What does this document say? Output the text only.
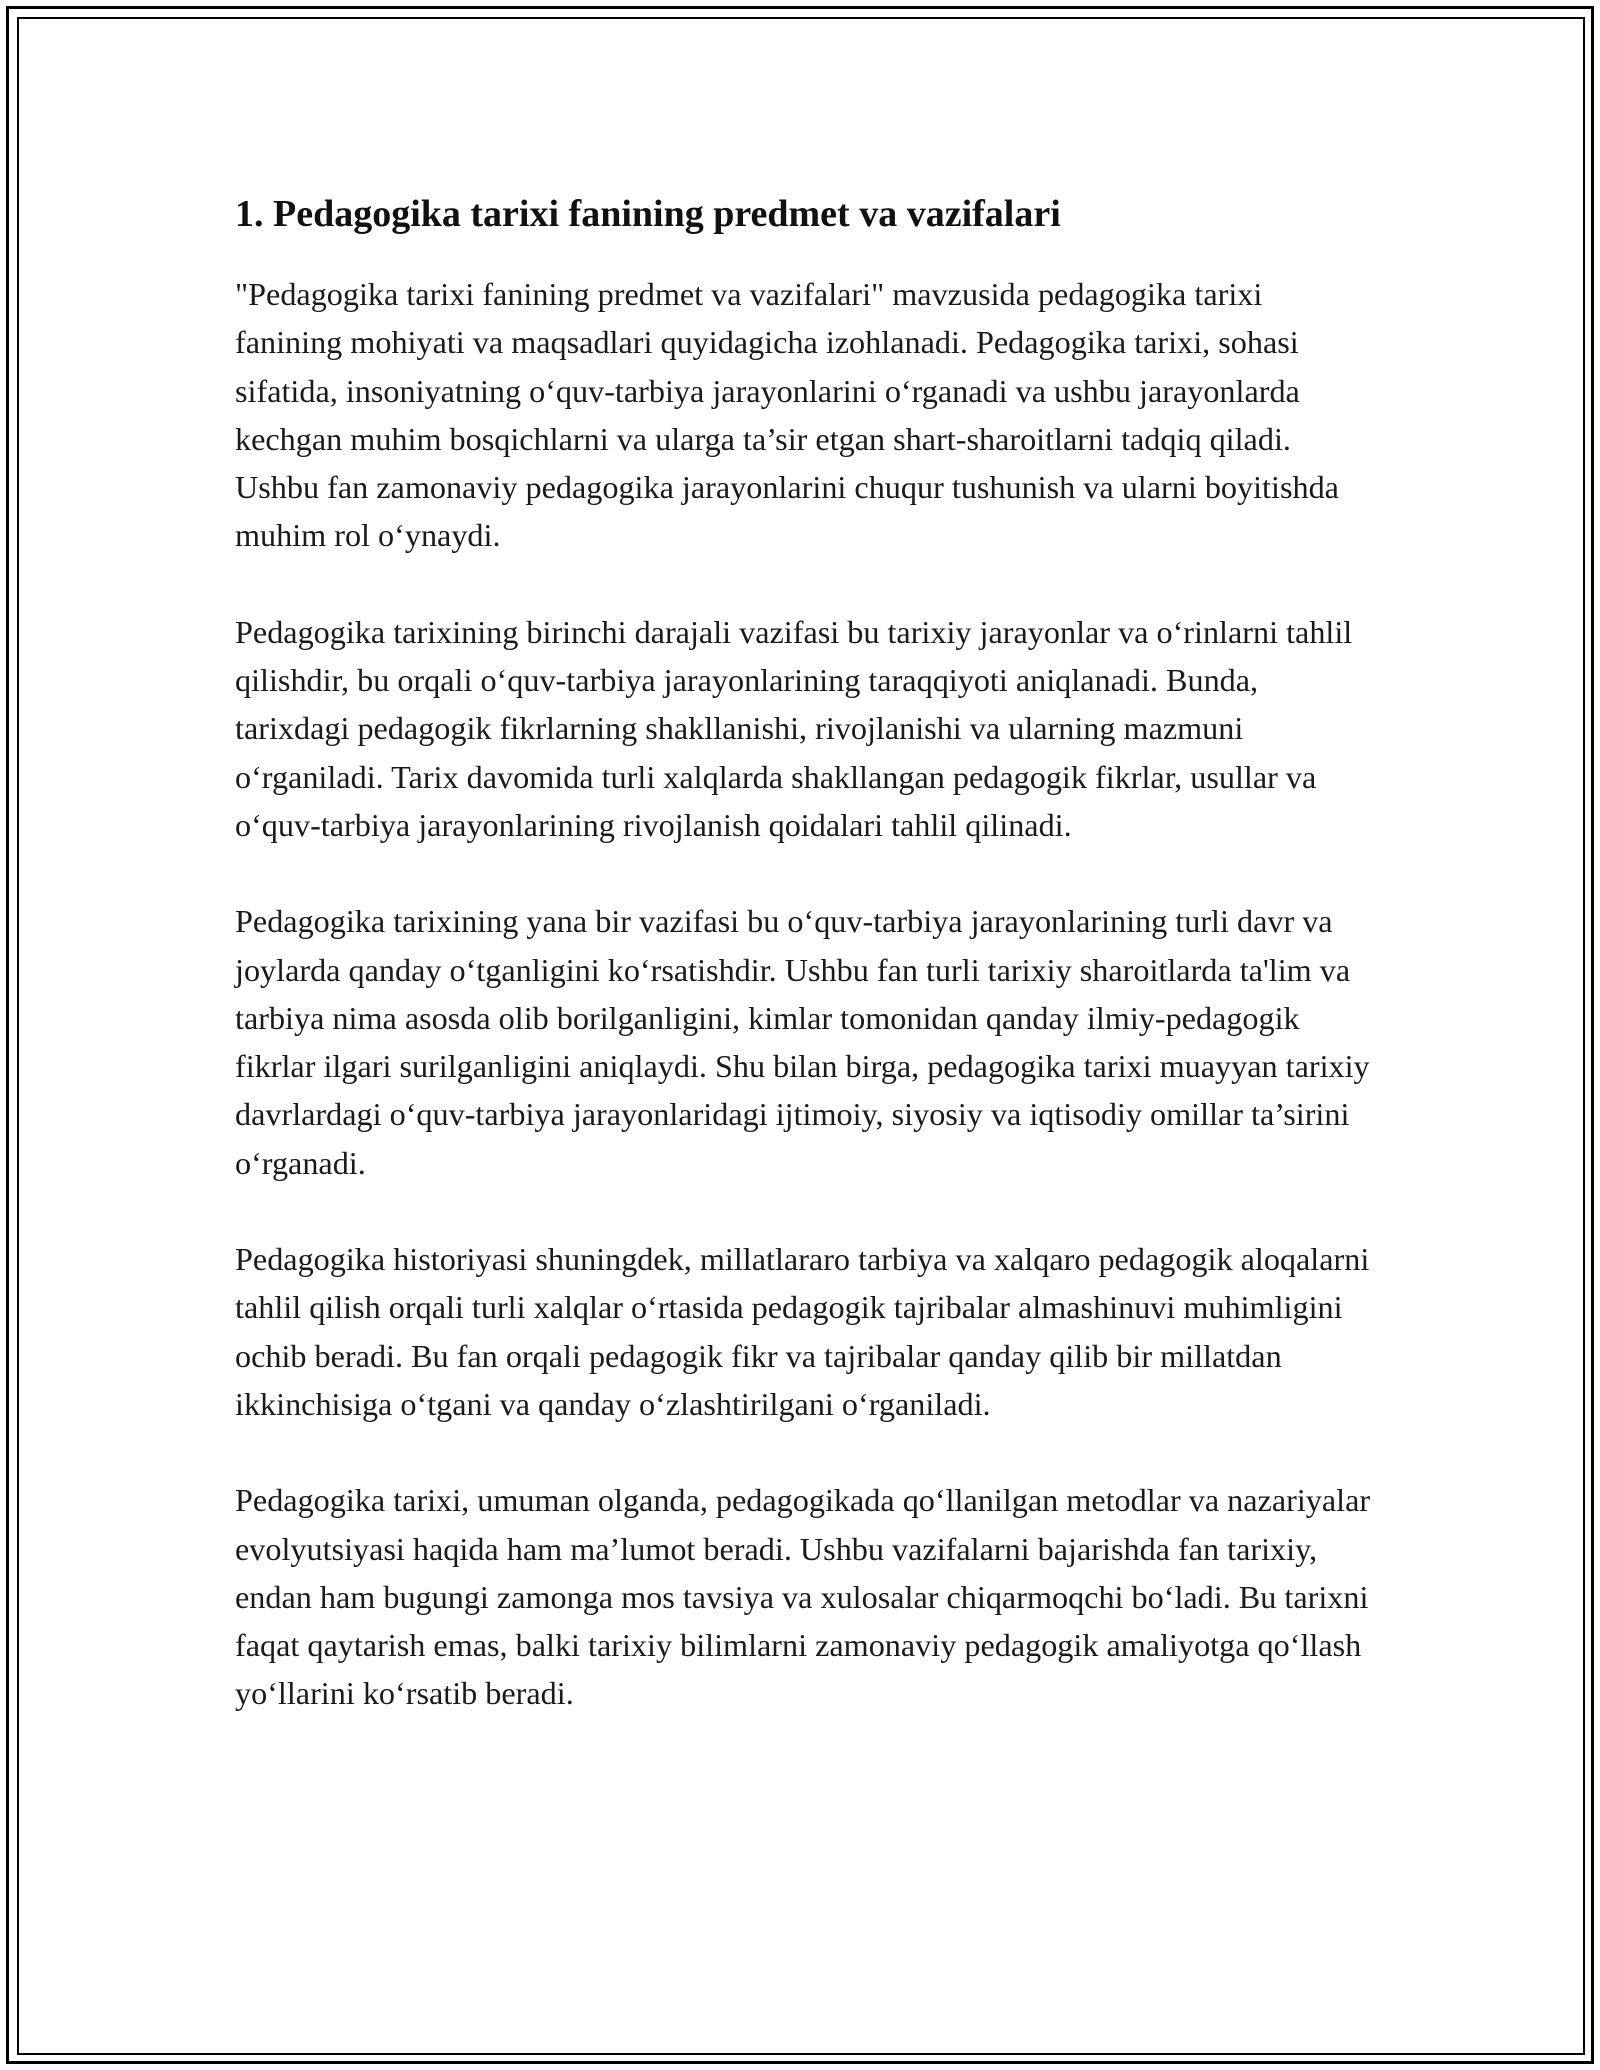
1. Pedagogika tarixi fanining predmet va vazifalari

"Pedagogika tarixi fanining predmet va vazifalari" mavzusida pedagogika tarixi fanining mohiyati va maqsadlari quyidagicha izohlanadi. Pedagogika tarixi, sohasi sifatida, insoniyatning o‘quv-tarbiya jarayonlarini o‘rganadi va ushbu jarayonlarda kechgan muhim bosqichlarni va ularga ta’sir etgan shart-sharoitlarni tadqiq qiladi. Ushbu fan zamonaviy pedagogika jarayonlarini chuqur tushunish va ularni boyitishda muhim rol o‘ynaydi.

Pedagogika tarixining birinchi darajali vazifasi bu tarixiy jarayonlar va o‘rinlarni tahlil qilishdir, bu orqali o‘quv-tarbiya jarayonlarining taraqqiyoti aniqlanadi. Bunda, tarixdagi pedagogik fikrlarning shakllanishi, rivojlanishi va ularning mazmuni o‘rganiladi. Tarix davomida turli xalqlarda shakllangan pedagogik fikrlar, usullar va o‘quv-tarbiya jarayonlarining rivojlanish qoidalari tahlil qilinadi.

Pedagogika tarixining yana bir vazifasi bu o‘quv-tarbiya jarayonlarining turli davr va joylarda qanday o‘tganligini ko‘rsatishdir. Ushbu fan turli tarixiy sharoitlarda ta'lim va tarbiya nima asosda olib borilganligini, kimlar tomonidan qanday ilmiy-pedagogik fikrlar ilgari surilganligini aniqlaydi. Shu bilan birga, pedagogika tarixi muayyan tarixiy davrlardagi o‘quv-tarbiya jarayonlaridagi ijtimoiy, siyosiy va iqtisodiy omillar ta’sirini o‘rganadi.

Pedagogika historiyasi shuningdek, millatlararo tarbiya va xalqaro pedagogik aloqalarni tahlil qilish orqali turli xalqlar o‘rtasida pedagogik tajribalar almashinuvi muhimligini ochib beradi. Bu fan orqali pedagogik fikr va tajribalar qanday qilib bir millatdan ikkinchisiga o‘tgani va qanday o‘zlashtirilgani o‘rganiladi.

Pedagogika tarixi, umuman olganda, pedagogikada qo‘llanilgan metodlar va nazariyalar evolyutsiyasi haqida ham ma’lumot beradi. Ushbu vazifalarni bajarishda fan tarixiy, endan ham bugungi zamonga mos tavsiya va xulosalar chiqarmoqchi bo‘ladi. Bu tarixni faqat qaytarish emas, balki tarixiy bilimlarni zamonaviy pedagogik amaliyotga qo‘llash yo‘llarini ko‘rsatib beradi.
